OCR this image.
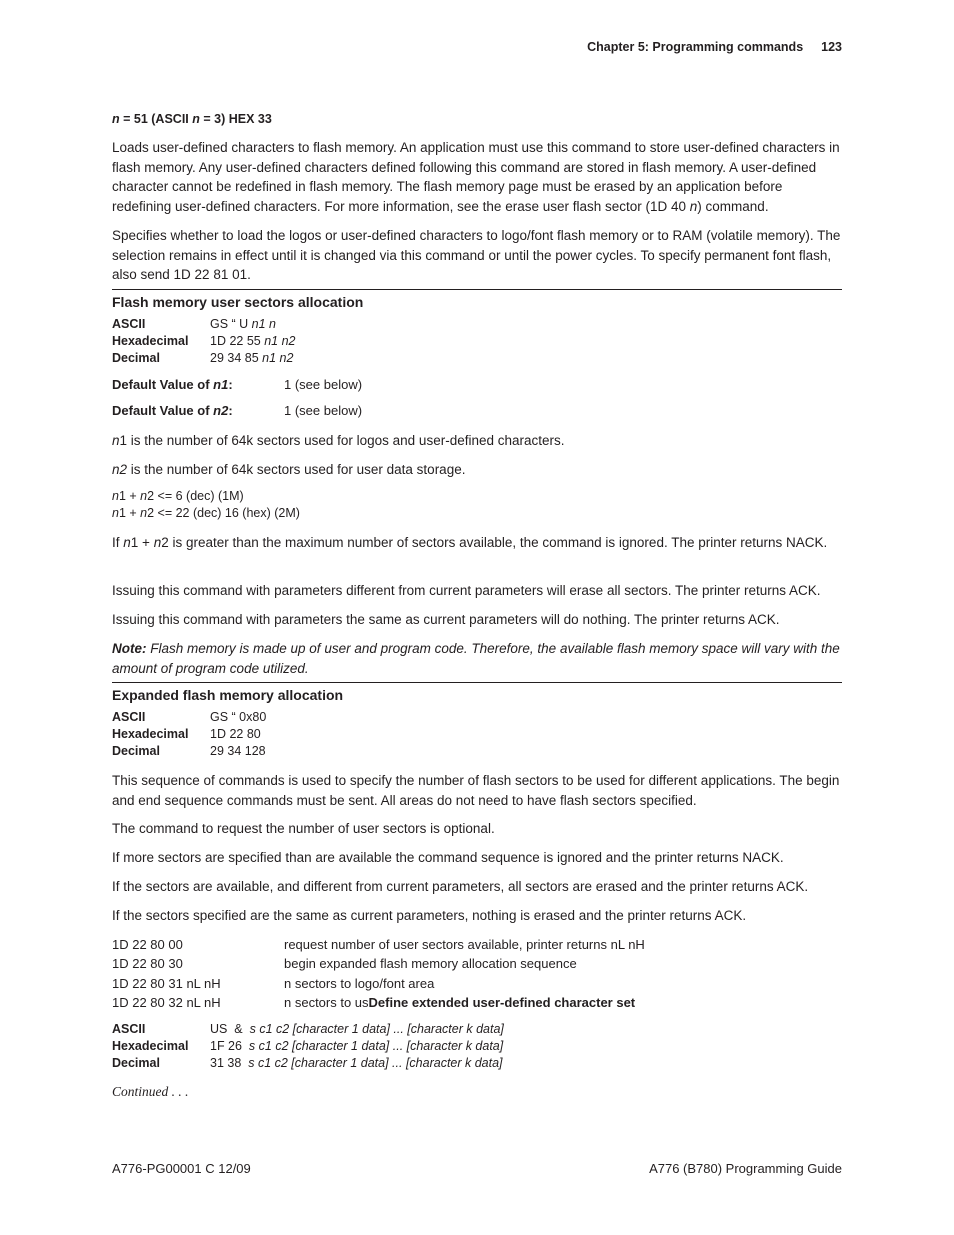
Chapter 5: Programming commands 123
n = 51 (ASCII n = 3) HEX 33

Loads user-defined characters to flash memory. An application must use this command to store user-defined characters in flash memory. Any user-defined characters defined following this command are stored in flash memory. A user-defined character cannot be redefined in flash memory. The flash memory page must be erased by an application before redefining user-defined characters. For more information, see the erase user flash sector (1D 40 n) command.

Specifies whether to load the logos or user-defined characters to logo/font flash memory or to RAM (volatile memory). The selection remains in effect until it is changed via this command or until the power cycles. To specify permanent font flash, also send 1D 22 81 01.

Flash memory user sectors allocation
ASCII	GS “ U n1 n
Hexadecimal 1D 22 55 n1 n2
Decimal	29 34 85 n1 n2
Default Value of n1:	1 (see below)
Default Value of n2:	1 (see below)

n1 is the number of 64k sectors used for logos and user-defined characters.

n2 is the number of 64k sectors used for user data storage.

n1 + n2 <= 6 (dec) (1M)
n1 + n2 <= 22 (dec) 16 (hex) (2M)

If n1 + n2 is greater than the maximum number of sectors available, the command is ignored. The printer returns NACK.

Issuing this command with parameters different from current parameters will erase all sectors. The printer returns ACK.

Issuing this command with parameters the same as current parameters will do nothing. The printer returns ACK.

Note: Flash memory is made up of user and program code. Therefore, the available flash memory space will vary with the amount of program code utilized.

Expanded flash memory allocation
ASCII	GS “ 0x80
Hexadecimal 1D 22 80
Decimal	29 34 128

This sequence of commands is used to specify the number of flash sectors to be used for different applications. The begin and end sequence commands must be sent. All areas do not need to have flash sectors specified.

The command to request the number of user sectors is optional.

If more sectors are specified than are available the command sequence is ignored and the printer returns NACK.

If the sectors are available, and different from current parameters, all sectors are erased and the printer returns ACK.

If the sectors specified are the same as current parameters, nothing is erased and the printer returns ACK.

1D 22 80 00	request number of user sectors available, printer returns nL nH
1D 22 80 30	begin expanded flash memory allocation sequence
1D 22 80 31 nL nH	n sectors to logo/font area
1D 22 80 32 nL nH	n sectors to usDefine extended user-defined character set
ASCII	US  &  s c1 c2 [character 1 data] ... [character k data]
Hexadecimal 1F 26  s c1 c2 [character 1 data] ... [character k data]
Decimal	31 38  s c1 c2 [character 1 data] ... [character k data]
Continued . . .
A776-PG00001 C 12/09	A776 (B780) Programming Guide
